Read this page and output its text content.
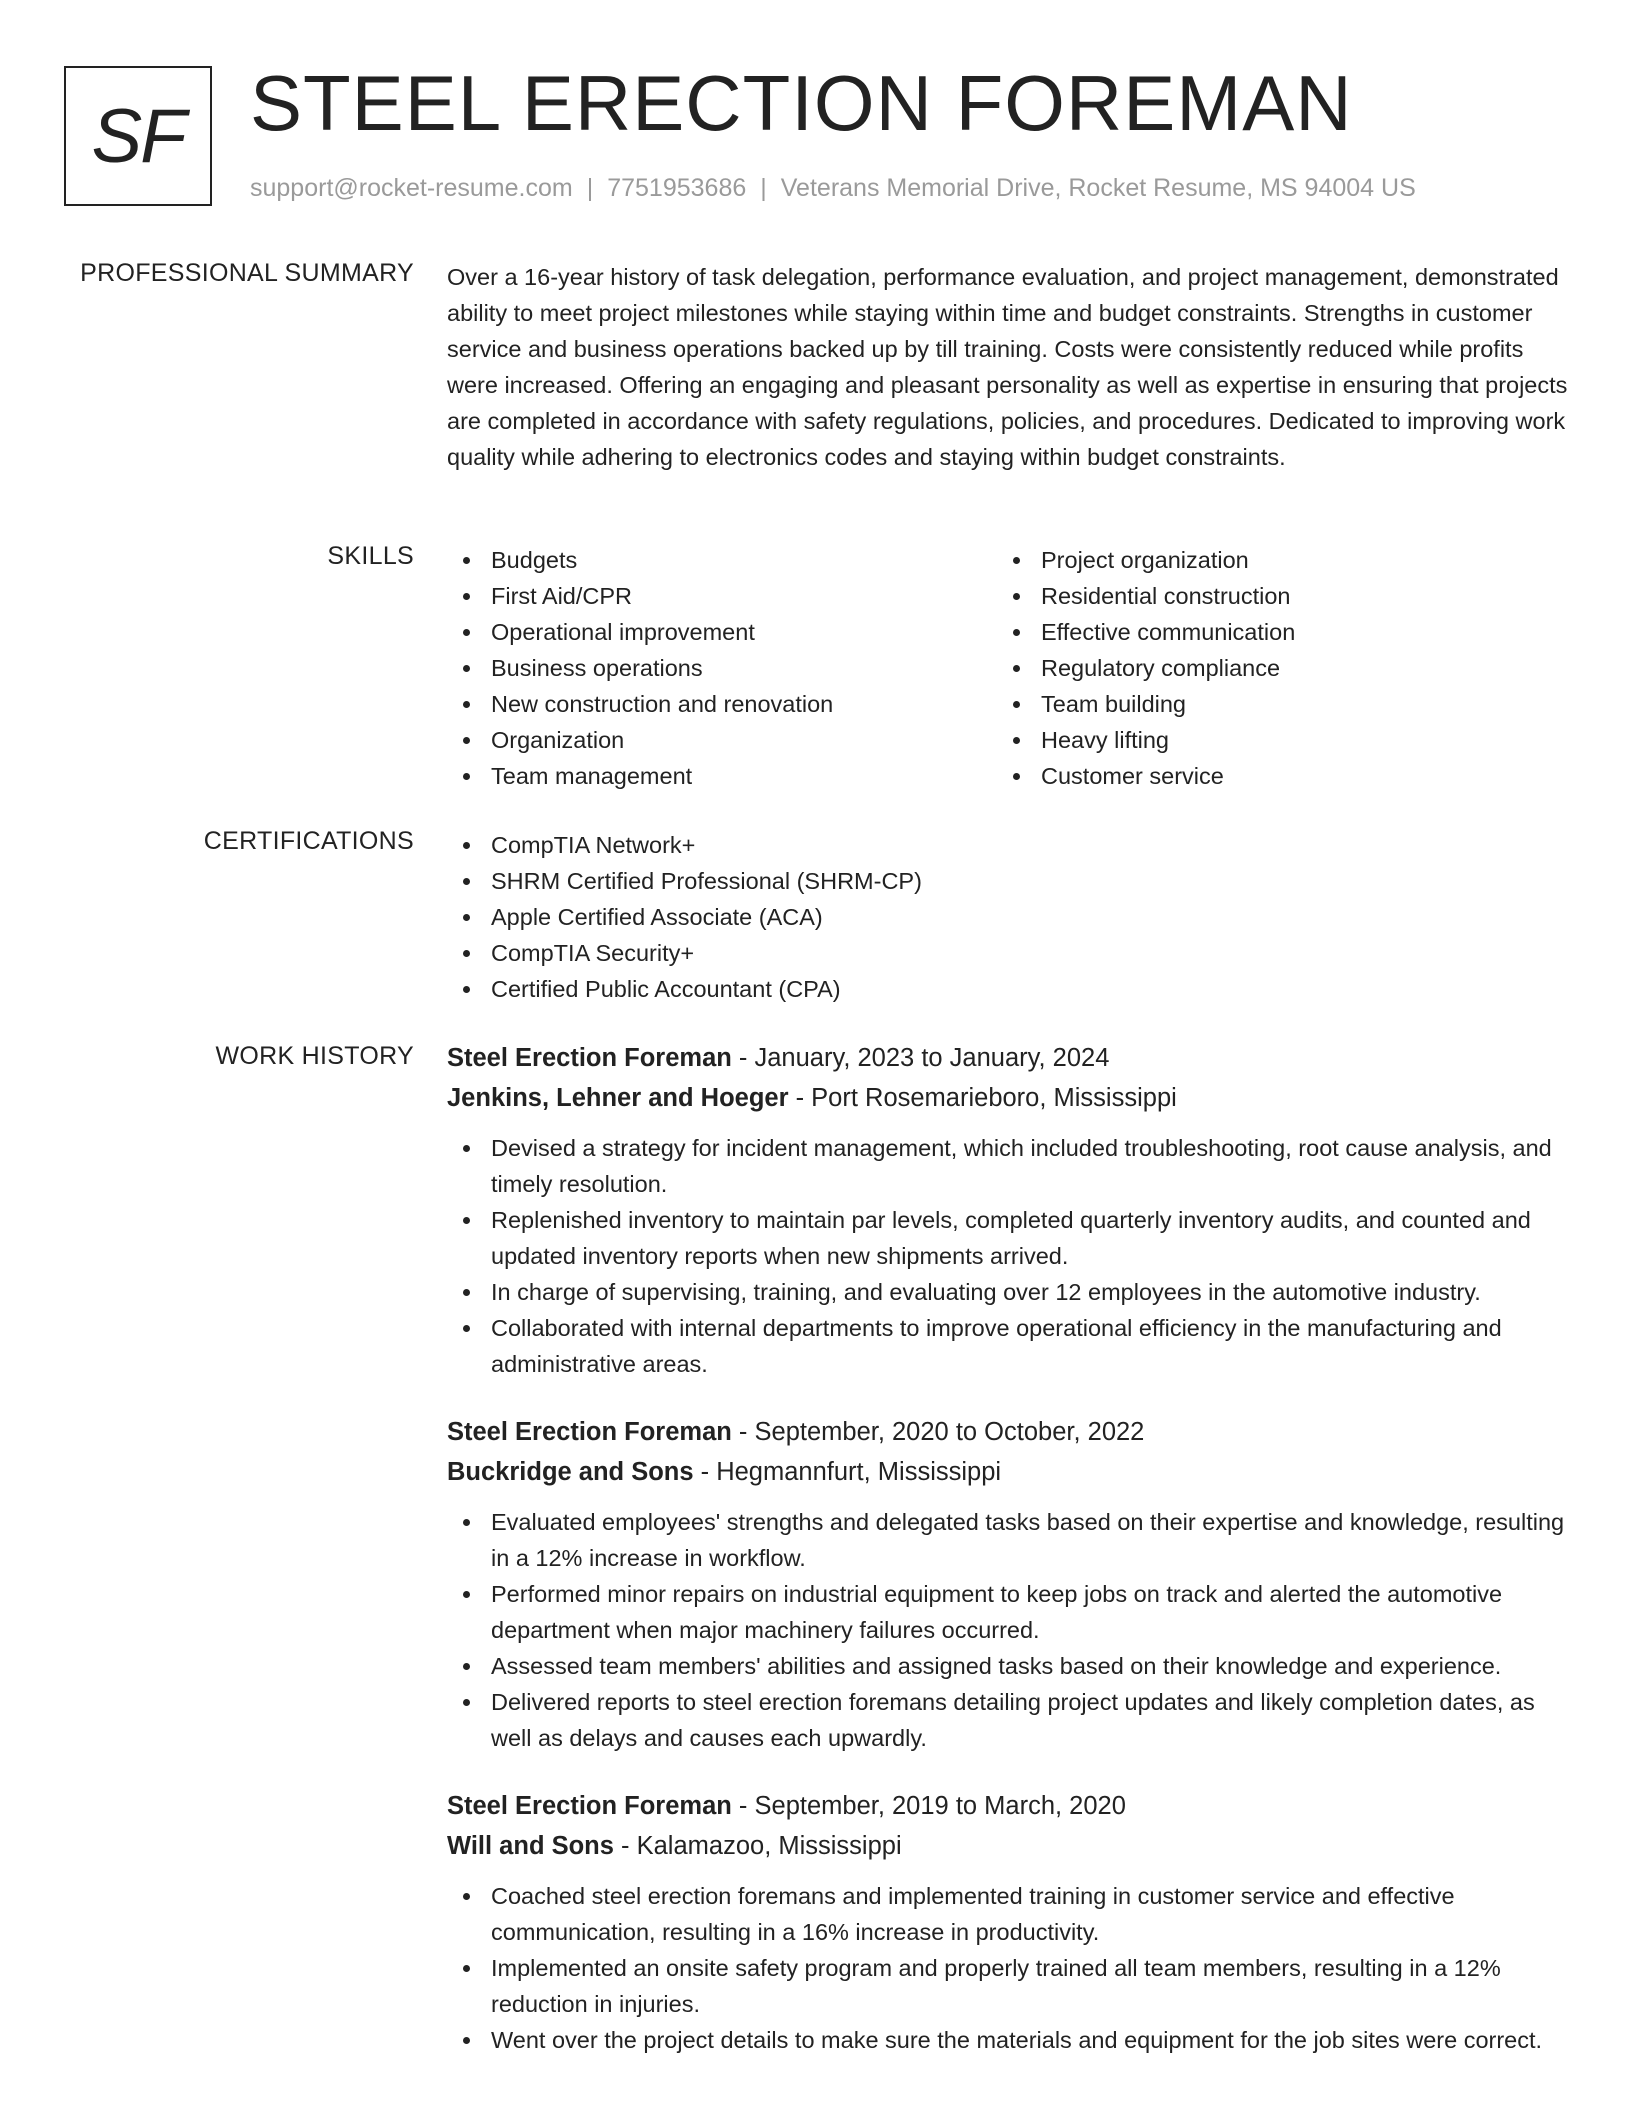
SF STEEL ERECTION FOREMAN
support@rocket-resume.com | 7751953686 | Veterans Memorial Drive, Rocket Resume, MS 94004 US
PROFESSIONAL SUMMARY Over a 16-year history of task delegation, performance evaluation, and project management, demonstrated ability to meet project milestones while staying within time and budget constraints. Strengths in customer service and business operations backed up by till training. Costs were consistently reduced while profits were increased. Offering an engaging and pleasant personality as well as expertise in ensuring that projects are completed in accordance with safety regulations, policies, and procedures. Dedicated to improving work quality while adhering to electronics codes and staying within budget constraints.
SKILLS	Budgets
First Aid/CPR
Operational improvement
Business operations
New construction and renovation
Organization
Team management
Project organization
Residential construction
Effective communication
Regulatory compliance
Team building
Heavy lifting
Customer service
CERTIFICATIONS	CompTIA Network+
SHRM Certified Professional (SHRM-CP)
Apple Certified Associate (ACA)
CompTIA Security+
Certified Public Accountant (CPA)
WORK HISTORY Steel Erection Foreman - January, 2023 to January, 2024
Jenkins, Lehner and Hoeger - Port Rosemarieboro, Mississippi
Devised a strategy for incident management, which included troubleshooting, root cause analysis, and timely resolution.
Replenished inventory to maintain par levels, completed quarterly inventory audits, and counted and updated inventory reports when new shipments arrived.
In charge of supervising, training, and evaluating over 12 employees in the automotive industry.
Collaborated with internal departments to improve operational efficiency in the manufacturing and administrative areas.
Steel Erection Foreman - September, 2020 to October, 2022
Buckridge and Sons - Hegmannfurt, Mississippi
Evaluated employees' strengths and delegated tasks based on their expertise and knowledge, resulting in a 12% increase in workflow.
Performed minor repairs on industrial equipment to keep jobs on track and alerted the automotive department when major machinery failures occurred.
Assessed team members' abilities and assigned tasks based on their knowledge and experience.
Delivered reports to steel erection foremans detailing project updates and likely completion dates, as well as delays and causes each upwardly.
Steel Erection Foreman - September, 2019 to March, 2020
Will and Sons - Kalamazoo, Mississippi
Coached steel erection foremans and implemented training in customer service and effective communication, resulting in a 16% increase in productivity.
Implemented an onsite safety program and properly trained all team members, resulting in a 12% reduction in injuries.
Went over the project details to make sure the materials and equipment for the job sites were correct.
